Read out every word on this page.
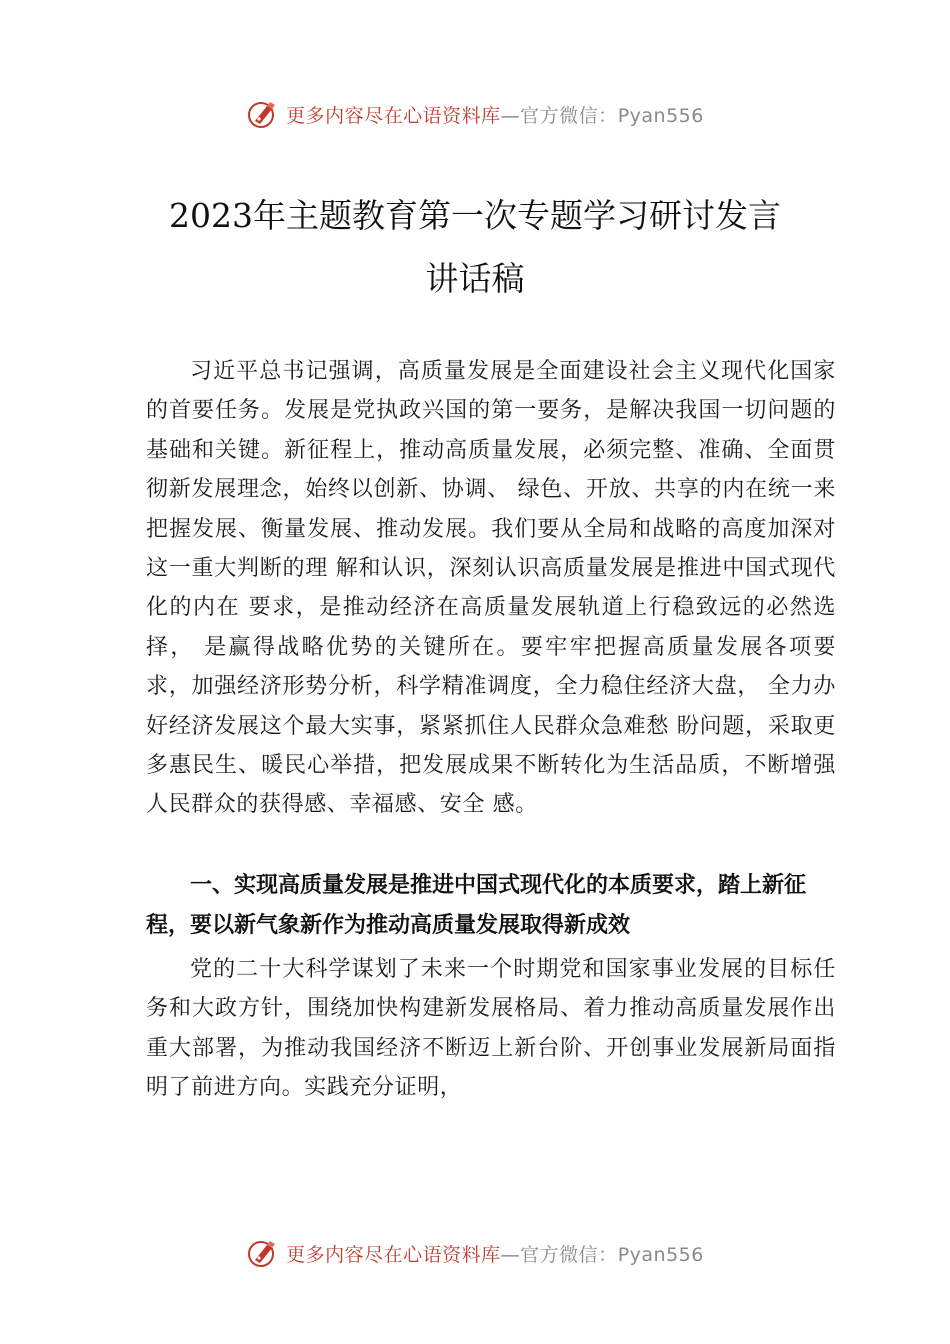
更多内容尽在心语资料库—官方微信：Pyan556
2023年主题教育第一次专题学习研讨发言
讲话稿

习近平总书记强调，高质量发展是全面建设社会主义现代化国家的首要任务。发展是党执政兴国的第一要务，是解决我国一切问题的基础和关键。新征程上，推动高质量发展，必须完整、准确、全面贯彻新发展理念，始终以创新、协调、 绿色、开放、共享的内在统一来把握发展、衡量发展、推动发展。我们要从全局和战略的高度加深对这一重大判断的理 解和认识，深刻认识高质量发展是推进中国式现代化的内在 要求，是推动经济在高质量发展轨道上行稳致远的必然选择， 是赢得战略优势的关键所在。要牢牢把握高质量发展各项要 求，加强经济形势分析，科学精准调度，全力稳住经济大盘， 全力办好经济发展这个最大实事，紧紧抓住人民群众急难愁 盼问题，采取更多惠民生、暖民心举措，把发展成果不断转化为生活品质，不断增强人民群众的获得感、幸福感、安全 感。

一、实现高质量发展是推进中国式现代化的本质要求，踏上新征程，要以新气象新作为推动高质量发展取得新成效

党的二十大科学谋划了未来一个时期党和国家事业发展的目标任务和大政方针，围绕加快构建新发展格局、着力推动高质量发展作出重大部署，为推动我国经济不断迈上新台阶、开创事业发展新局面指明了前进方向。实践充分证明，

更多内容尽在心语资料库—官方微信：Pyan556
